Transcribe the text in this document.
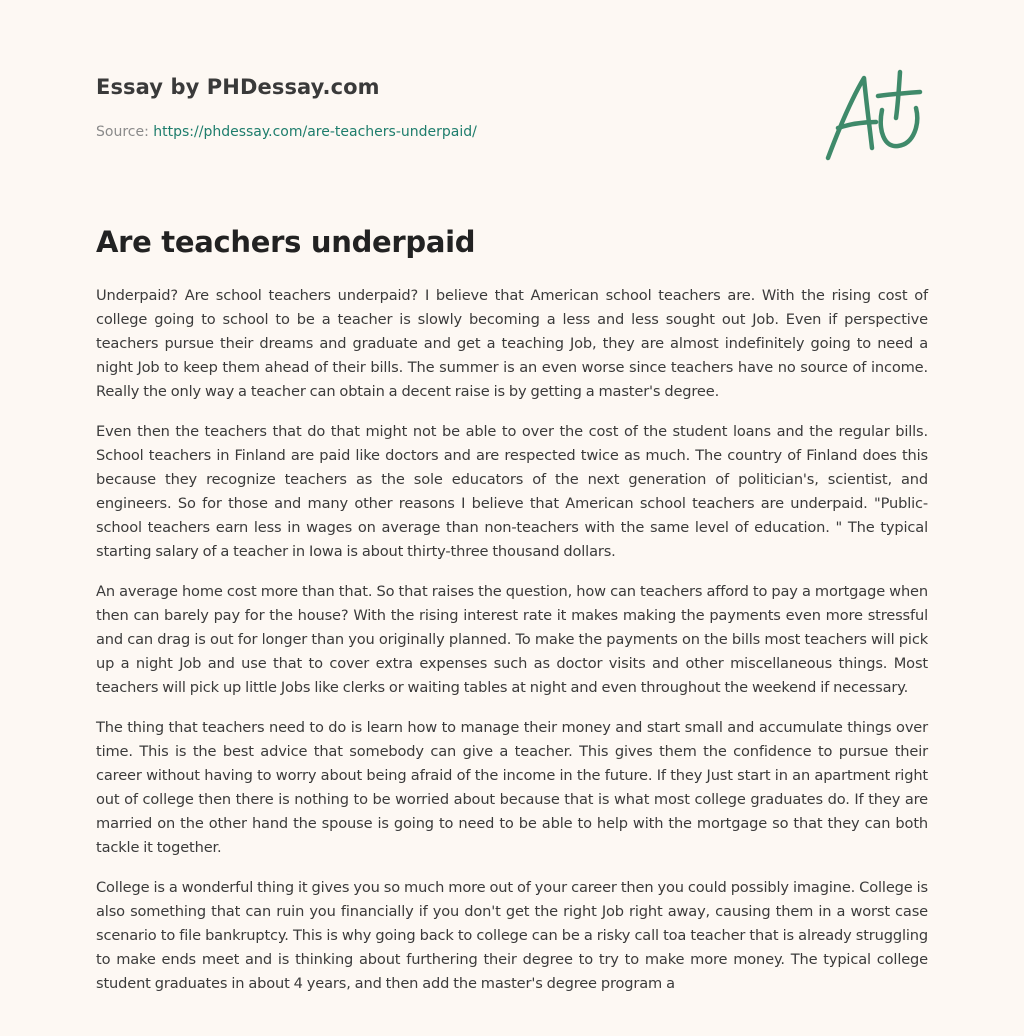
Essay by PHDessay.com
Source: https://phdessay.com/are-teachers-underpaid/
Are teachers underpaid

Underpaid? Are school teachers underpaid? I believe that American school teachers are. With the rising cost of college going to school to be a teacher is slowly becoming a less and less sought out Job. Even if perspective teachers pursue their dreams and graduate and get a teaching Job, they are almost indefinitely going to need a night Job to keep them ahead of their bills. The summer is an even worse since teachers have no source of income. Really the only way a teacher can obtain a decent raise is by getting a master's degree.

Even then the teachers that do that might not be able to over the cost of the student loans and the regular bills. School teachers in Finland are paid like doctors and are respected twice as much. The country of Finland does this because they recognize teachers as the sole educators of the next generation of politician's, scientist, and engineers. So for those and many other reasons I believe that American school teachers are underpaid. "Public-school teachers earn less in wages on average than non-teachers with the same level of education. " The typical starting salary of a teacher in Iowa is about thirty-three thousand dollars.

An average home cost more than that. So that raises the question, how can teachers afford to pay a mortgage when then can barely pay for the house? With the rising interest rate it makes making the payments even more stressful and can drag is out for longer than you originally planned. To make the payments on the bills most teachers will pick up a night Job and use that to cover extra expenses such as doctor visits and other miscellaneous things. Most teachers will pick up little Jobs like clerks or waiting tables at night and even throughout the weekend if necessary.

The thing that teachers need to do is learn how to manage their money and start small and accumulate things over time. This is the best advice that somebody can give a teacher. This gives them the confidence to pursue their career without having to worry about being afraid of the income in the future. If they Just start in an apartment right out of college then there is nothing to be worried about because that is what most college graduates do. If they are married on the other hand the spouse is going to need to be able to help with the mortgage so that they can both tackle it together.

College is a wonderful thing it gives you so much more out of your career then you could possibly imagine. College is also something that can ruin you financially if you don't get the right Job right away, causing them in a worst case scenario to file bankruptcy. This is why going back to college can be a risky call toa teacher that is already struggling to make ends meet and is thinking about furthering their degree to try to make more money. The typical college student graduates in about 4 years, and then add the master's degree program a
